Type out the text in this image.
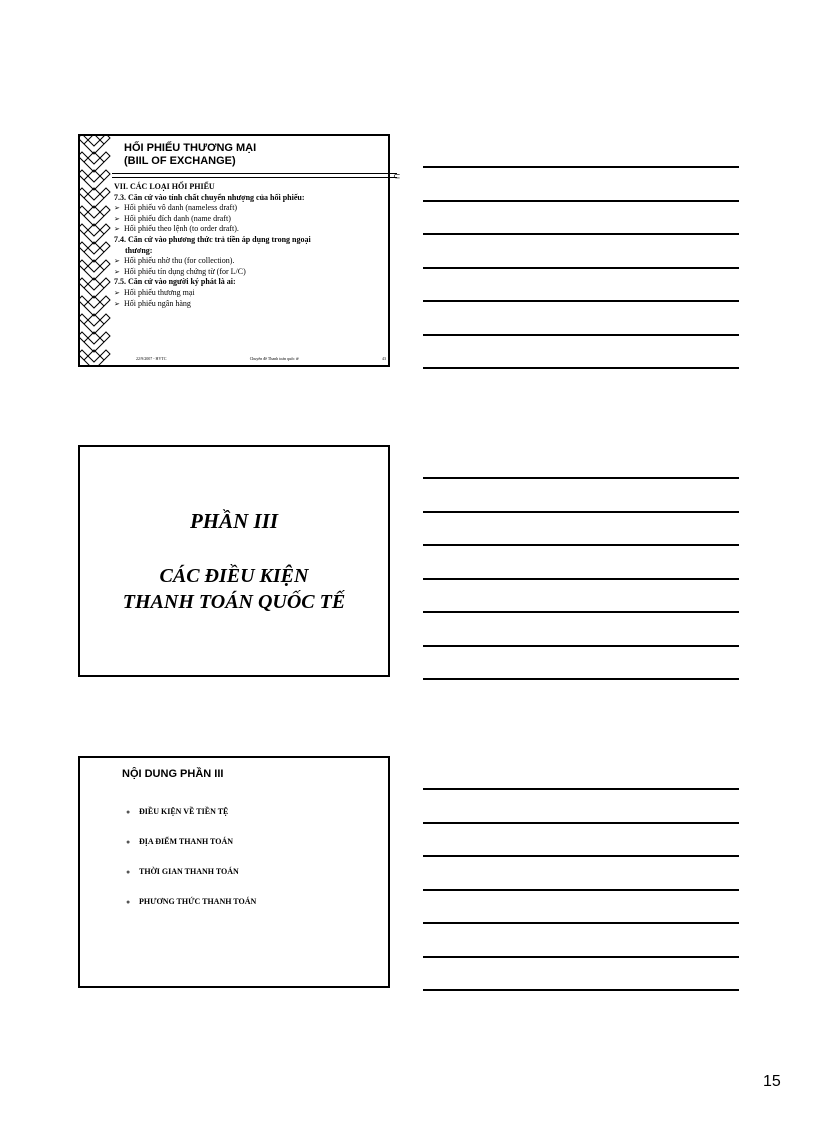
HỐI PHIẾU THƯƠNG MẠI
(BIIL OF EXCHANGE)
⊂
VII. CÁC LOẠI HỐI PHIẾU
7.3. Căn cứ vào tính chất chuyển nhượng của hối phiếu:
➢ Hối phiếu vô danh (nameless draft)
➢ Hối phiếu đích danh (name draft)
➢ Hối phiếu theo lệnh (to order draft).
7.4. Căn cứ vào phương thức trả tiền áp dụng trong ngoại
thương:
➢ Hối phiếu nhờ thu (for collection).
➢ Hối phiếu tín dụng chứng từ (for L/C)
7.5. Căn cứ vào người ký phát là ai:
➢ Hối phiếu thương mại
➢ Hối phiếu ngân hàng
22/9/2007 - HVTC	Chuyên đề Thanh toán quốc tế	43
PHẦN III
CÁC ĐIỀU KIỆN
THANH TOÁN QUỐC TẾ
NỘI DUNG PHẦN III
● ĐIỀU KIỆN VỀ TIỀN TỆ
● ĐỊA ĐIỂM THANH TOÁN
● THỜI GIAN THANH TOÁN
● PHƯƠNG THỨC THANH TOÁN
15
